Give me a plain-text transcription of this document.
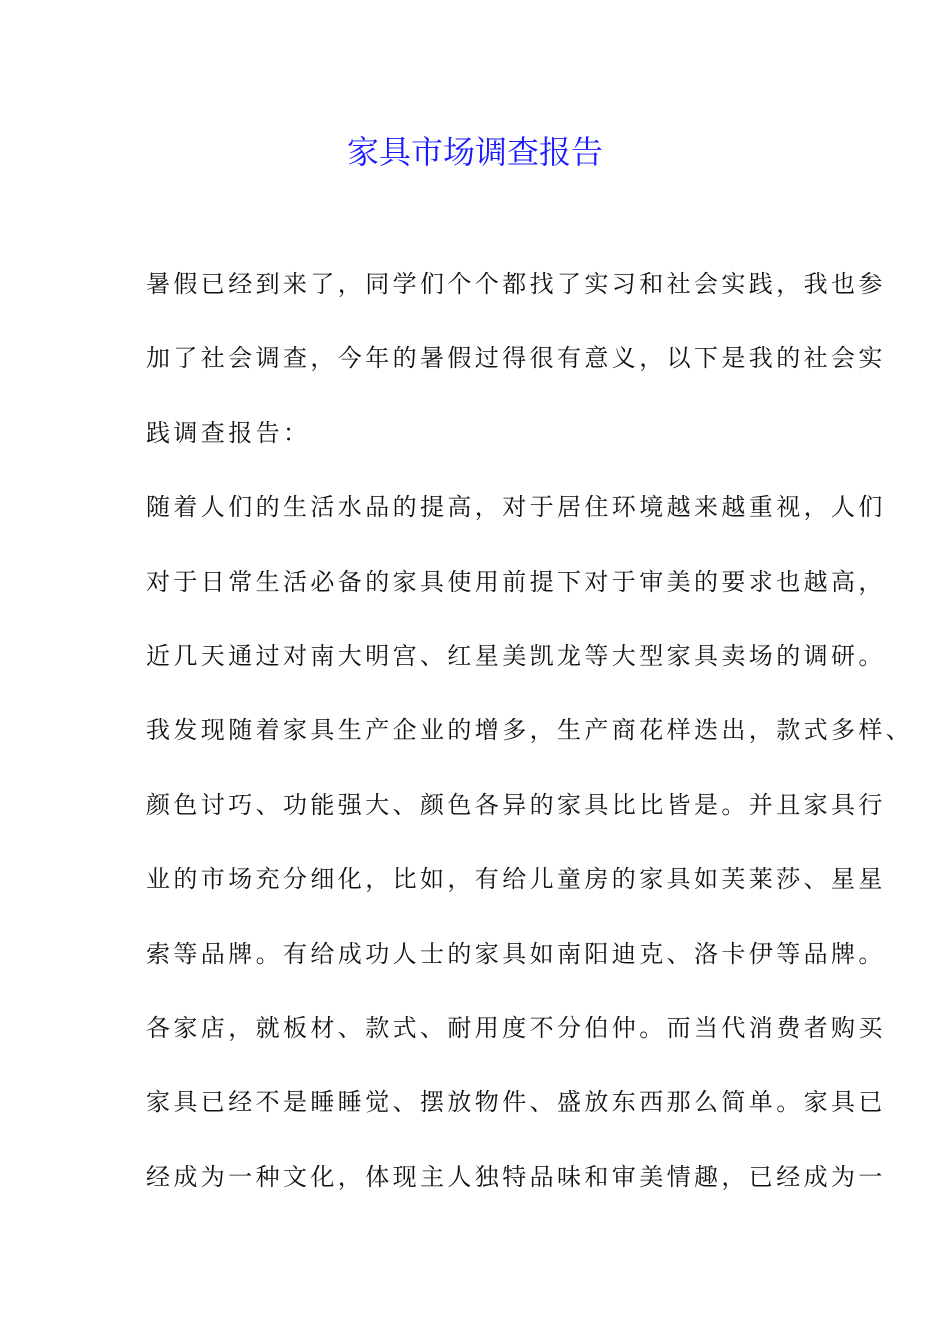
家具市场调查报告
暑假已经到来了，同学们个个都找了实习和社会实践，我也参
加了社会调查，今年的暑假过得很有意义，以下是我的社会实
践调查报告：
随着人们的生活水品的提高，对于居住环境越来越重视，人们
对于日常生活必备的家具使用前提下对于审美的要求也越高，
近几天通过对南大明宫、红星美凯龙等大型家具卖场的调研。
我发现随着家具生产企业的增多，生产商花样迭出，款式多样、
颜色讨巧、功能强大、颜色各异的家具比比皆是。并且家具行
业的市场充分细化，比如，有给儿童房的家具如芙莱莎、星星
索等品牌。有给成功人士的家具如南阳迪克、洛卡伊等品牌。
各家店，就板材、款式、耐用度不分伯仲。而当代消费者购买
家具已经不是睡睡觉、摆放物件、盛放东西那么简单。家具已
经成为一种文化，体现主人独特品味和审美情趣，已经成为一
